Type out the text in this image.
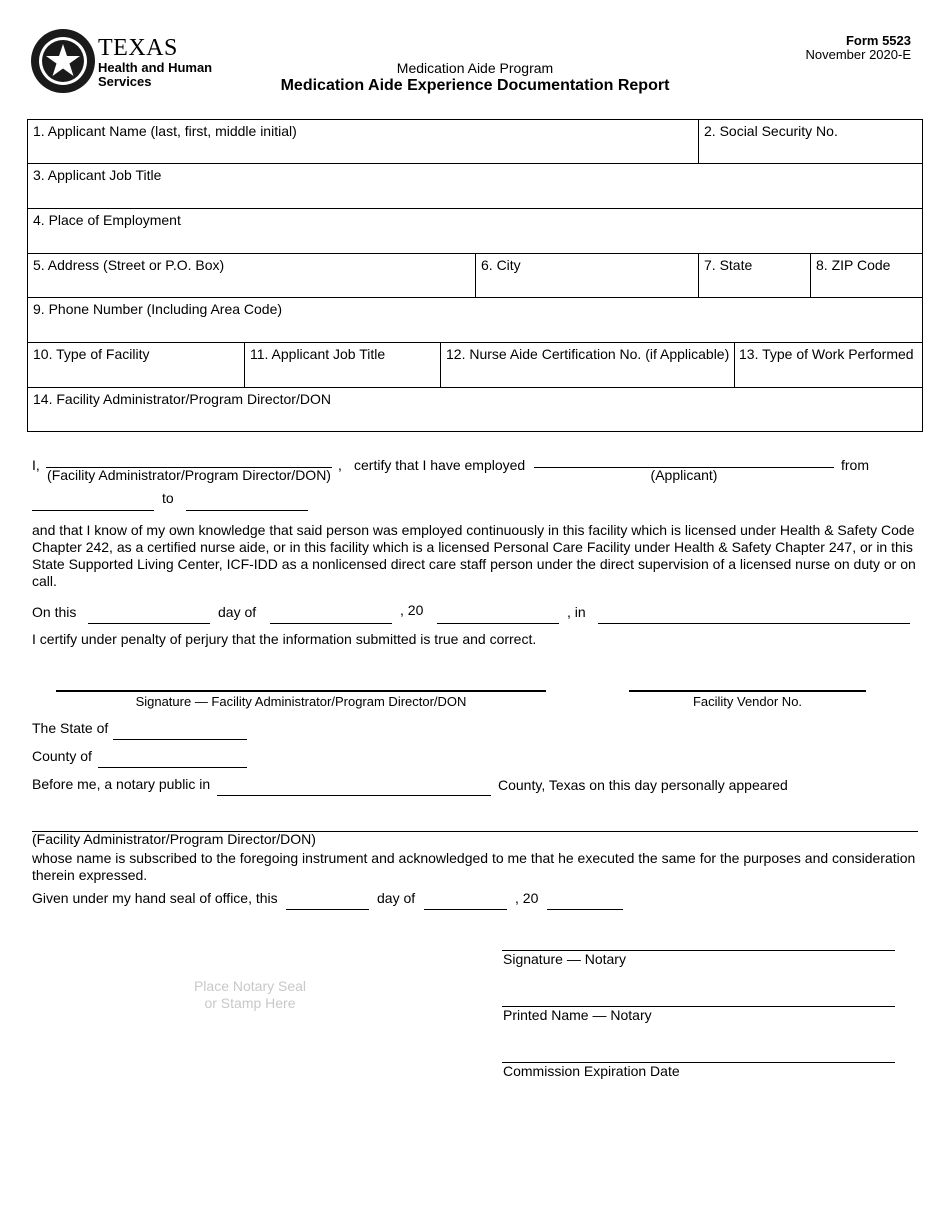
TEXAS
Health and Human
Services
Medication Aide Program
Medication Aide Experience Documentation Report
Form 5523
November 2020-E
1. Applicant Name (last, first, middle initial)	2. Social Security No.
3. Applicant Job Title
4. Place of Employment
5. Address (Street or P.O. Box)	6. City	7. State	8. ZIP Code
9. Phone Number (Including Area Code)
10. Type of Facility	11. Applicant Job Title	12. Nurse Aide Certification No. (if Applicable) 13. Type of Work Performed
14. Facility Administrator/Program Director/DON
I,
(Facility Administrator/Program Director/DON)
, certify that I have employed
(Applicant)
from
to
and that I know of my own knowledge that said person was employed continuously in this facility which is licensed under Health & Safety Code Chapter 242, as a certified nurse aide, or in this facility which is a licensed Personal Care Facility under Health & Safety Chapter 247, or in this State Supported Living Center, ICF-IDD as a nonlicensed direct care staff person under the direct supervision of a licensed nurse on duty or on call.
On this	day of	, 20	, in
I certify under penalty of perjury that the information submitted is true and correct.
Signature — Facility Administrator/Program Director/DON	Facility Vendor No.
The State of
County of
Before me, a notary public in	County, Texas on this day personally appeared
(Facility Administrator/Program Director/DON)
whose name is subscribed to the foregoing instrument and acknowledged to me that he executed the same for the purposes and consideration therein expressed.
Given under my hand seal of office, this	day of	, 20
Place Notary Seal
or Stamp Here
Signature — Notary
Printed Name — Notary
Commission Expiration Date
